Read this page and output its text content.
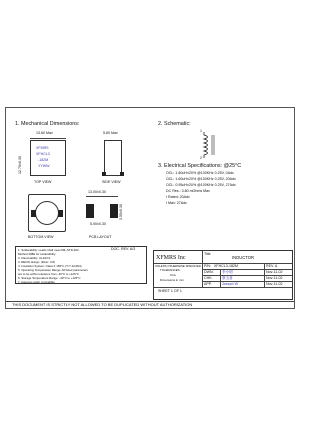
1. Mechanical Dimensions:	2. Schematic:
3. Electrical Specifications: @25°C
13.60 Max
XFMRS
XFHCL3
-182M
YYWW
12.70±0.30
TOP VIEW
5.60 Max
SIDE VIEW
BOTTOM VIEW
13.00±0.30
3.50±0.30
5.00±0.30
PCB LAYOUT
1
2
OCL: 1.80uH±20% @100KHz 0.25V, 0Adc
OCL: 1.60uH±20% @100KHz 0.25V, 20Adc
OCL: 0.95uH±20% @100KHz 0.25V, 27Adc
DC Res.: 3.80 mOhms Max
I Rated: 20Adc
I Max: 27Adc
1. Solderability: Leads shall meet MIL-STD-202,
Method 208E for solderability.
2. Flammability: UL94V-0
3. REFIN design: (Fiber: 0.8)
4. Insulation System: Class F 155°C (Ti ?-1/1064)
5. Operating Temperature Range: All listed parameters
are to be within tolerance from -40°C to +125°C
6. Storage Temperature Range: -40°C to +125°C
7. Aqueous wash compatible
DOC. REV. A/3
XFMRS Inc
Title
INDUCTOR
UNLESS OTHERWISE SPECIFIED
TOLERANCES:
±n/a
Dimensions in mm
P/N: XFHCL3-182M	REV. A
DWN. 李小明	Nov-11-02
CHK.	康玉喜	Nov-11-02
APP.	Joseph W	Nov-11-02
SHEET 1 OF 1
THIS DOCUMENT IS STRICTLY NOT ALLOWED TO BE DUPLICATED WITHOUT AUTHORIZATION
